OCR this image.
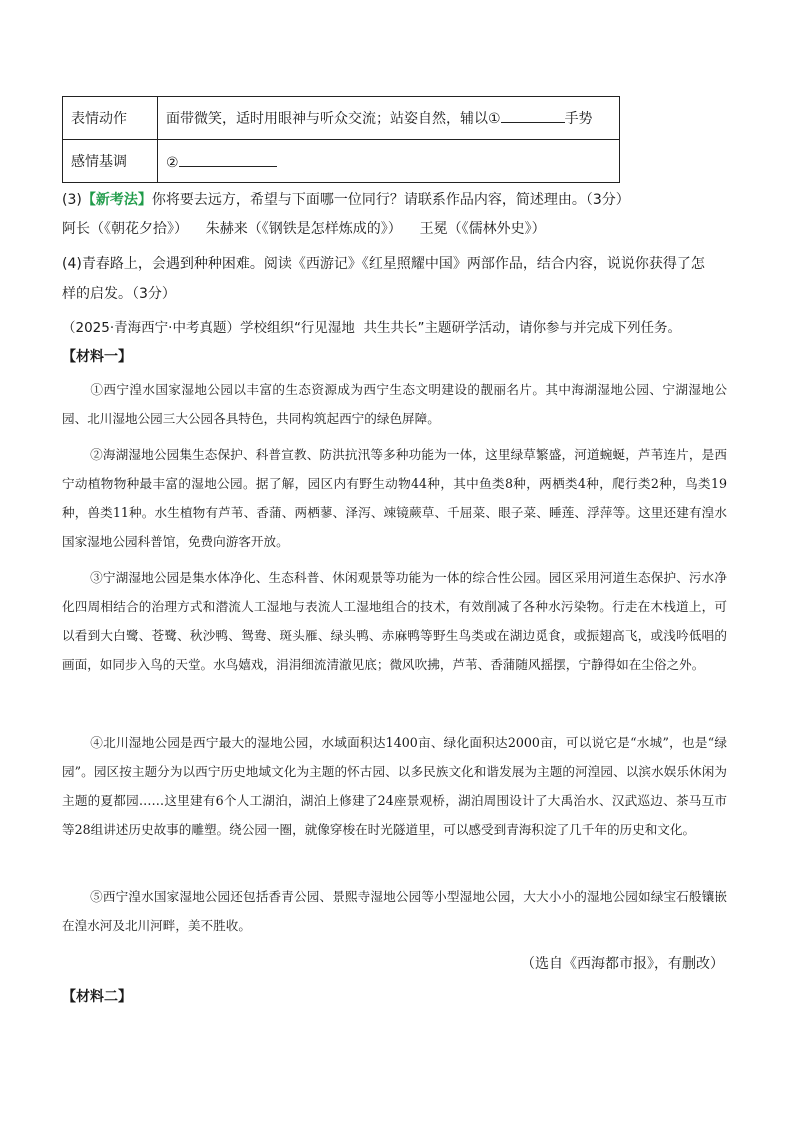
表情动作	面带微笑，适时用眼神与听众交流；站姿自然，辅以① 手势
感情基调	②
(3)【新考法】你将要去远方，希望与下面哪一位同行？请联系作品内容，简述理由。（3分）
阿长（《朝花夕拾》）    朱赫来（《钢铁是怎样炼成的》）    王冕（《儒林外史》）
(4)青春路上，会遇到种种困难。阅读《西游记》《红星照耀中国》两部作品，结合内容，说说你获得了怎
样的启发。（3分）
（2025·青海西宁·中考真题）学校组织“行见湿地  共生共长”主题研学活动，请你参与并完成下列任务。
【材料一】
①西宁湟水国家湿地公园以丰富的生态资源成为西宁生态文明建设的靓丽名片。其中海湖湿地公园、宁湖湿地公园、北川湿地公园三大公园各具特色，共同构筑起西宁的绿色屏障。
②海湖湿地公园集生态保护、科普宣教、防洪抗汛等多种功能为一体，这里绿草繁盛，河道蜿蜒，芦苇连片，是西宁动植物物种最丰富的湿地公园。据了解，园区内有野生动物44种，其中鱼类8种，两栖类4种，爬行类2种，鸟类19种，兽类11种。水生植物有芦苇、香蒲、两栖蓼、泽泻、竦镜蕨草、千屈菜、眼子菜、睡莲、浮萍等。这里还建有湟水国家湿地公园科普馆，免费向游客开放。
③宁湖湿地公园是集水体净化、生态科普、休闲观景等功能为一体的综合性公园。园区采用河道生态保护、污水净化四周相结合的治理方式和潜流人工湿地与表流人工湿地组合的技术，有效削减了各种水污染物。行走在木栈道上，可以看到大白鹭、苍鹭、秋沙鸭、鸳鸯、斑头雁、绿头鸭、赤麻鸭等野生鸟类或在湖边觅食，或振翅高飞，或浅吟低唱的画面，如同步入鸟的天堂。水鸟嬉戏，涓涓细流清澈见底；微风吹拂，芦苇、香蒲随风摇摆，宁静得如在尘俗之外。
④北川湿地公园是西宁最大的湿地公园，水域面积达1400亩、绿化面积达2000亩，可以说它是“水城”，也是“绿园”。园区按主题分为以西宁历史地域文化为主题的怀古园、以多民族文化和谐发展为主题的河湟园、以滨水娱乐休闲为主题的夏都园……这里建有6个人工湖泊，湖泊上修建了24座景观桥，湖泊周围设计了大禹治水、汉武巡边、茶马互市等28组讲述历史故事的雕塑。绕公园一圈，就像穿梭在时光隧道里，可以感受到青海积淀了几千年的历史和文化。
⑤西宁湟水国家湿地公园还包括香青公园、景熙寺湿地公园等小型湿地公园，大大小小的湿地公园如绿宝石般镶嵌在湟水河及北川河畔，美不胜收。
（选自《西海都市报》，有删改）
【材料二】
